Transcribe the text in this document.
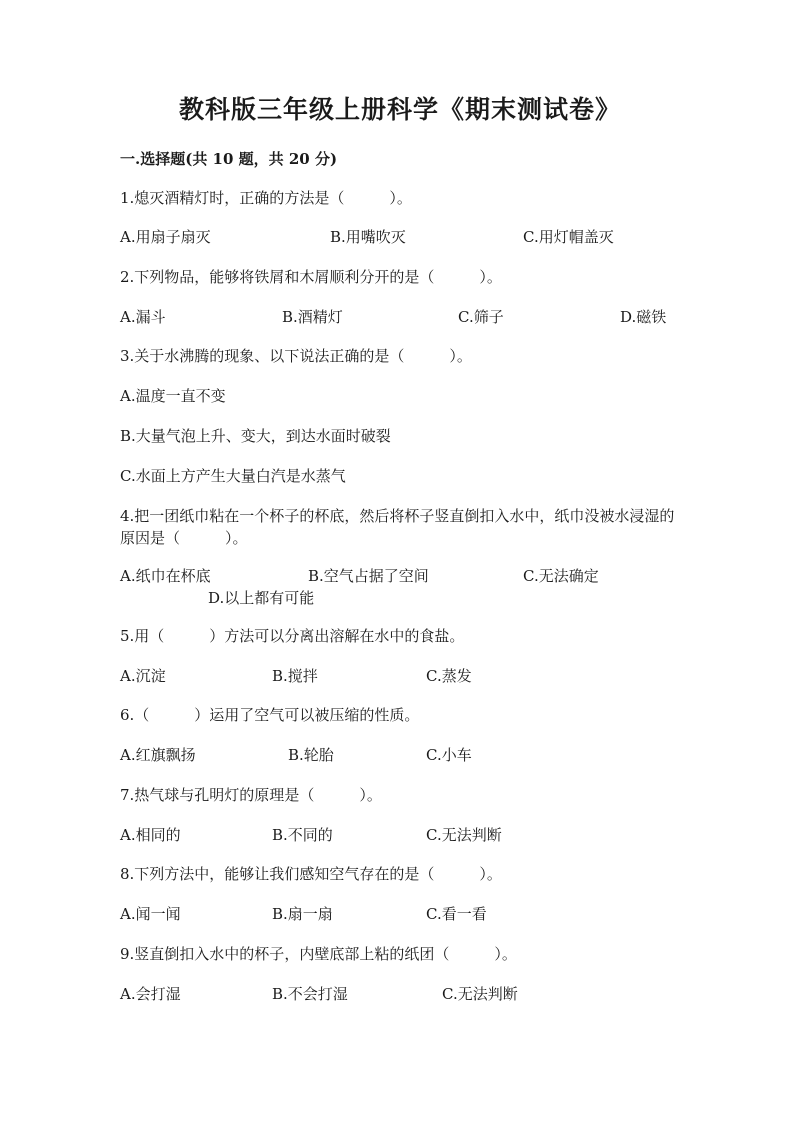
教科版三年级上册科学《期末测试卷》
一.选择题(共 10 题，共 20 分)
1.熄灭酒精灯时，正确的方法是（　　　）。
A.用扇子扇灭	B.用嘴吹灭	C.用灯帽盖灭
2.下列物品，能够将铁屑和木屑顺利分开的是（　　　）。
A.漏斗	B.酒精灯	C.筛子	D.磁铁
3.关于水沸腾的现象、以下说法正确的是（　　　）。
A.温度一直不变
B.大量气泡上升、变大，到达水面时破裂
C.水面上方产生大量白汽是水蒸气
4.把一团纸巾粘在一个杯子的杯底，然后将杯子竖直倒扣入水中，纸巾没被水浸湿的原因是（　　　）。
A.纸巾在杯底	B.空气占据了空间	C.无法确定
D.以上都有可能
5.用（　　　）方法可以分离出溶解在水中的食盐。
A.沉淀	B.搅拌	C.蒸发
6.（　　　）运用了空气可以被压缩的性质。
A.红旗飘扬	B.轮胎	C.小车
7.热气球与孔明灯的原理是（　　　）。
A.相同的	B.不同的	C.无法判断
8.下列方法中，能够让我们感知空气存在的是（　　　）。
A.闻一闻	B.扇一扇	C.看一看
9.竖直倒扣入水中的杯子，内壁底部上粘的纸团（　　　）。
A.会打湿	B.不会打湿	C.无法判断
